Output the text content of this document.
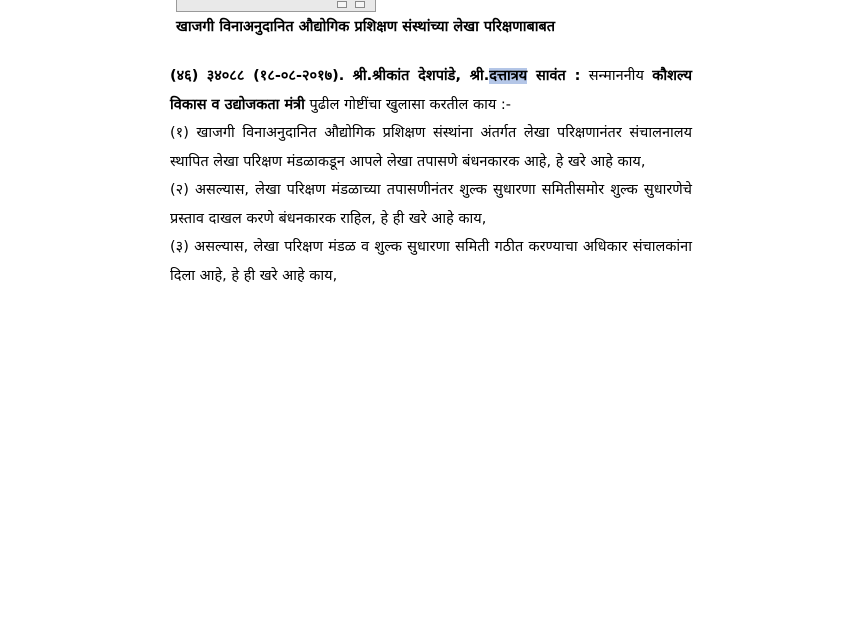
खाजगी विनाअनुदानित औद्योगिक प्रशिक्षण संस्थांच्या लेखा परिक्षणाबाबत

(४६) ३४०८८ (१८-०८-२०१७). श्री.श्रीकांत देशपांडे, श्री.दत्तात्रय सावंत : सन्माननीय कौशल्य विकास व उद्योजकता मंत्री पुढील गोष्टींचा खुलासा करतील काय :-

(१) खाजगी विनाअनुदानित औद्योगिक प्रशिक्षण संस्थांना अंतर्गत लेखा परिक्षणानंतर संचालनालय स्थापित लेखा परिक्षण मंडळाकडून आपले लेखा तपासणे बंधनकारक आहे, हे खरे आहे काय,

(२) असल्यास, लेखा परिक्षण मंडळाच्या तपासणीनंतर शुल्क सुधारणा समितीसमोर शुल्क सुधारणेचे प्रस्ताव दाखल करणे बंधनकारक राहिल, हे ही खरे आहे काय,

(३) असल्यास, लेखा परिक्षण मंडळ व शुल्क सुधारणा समिती गठीत करण्याचा अधिकार संचालकांना दिला आहे, हे ही खरे आहे काय,
